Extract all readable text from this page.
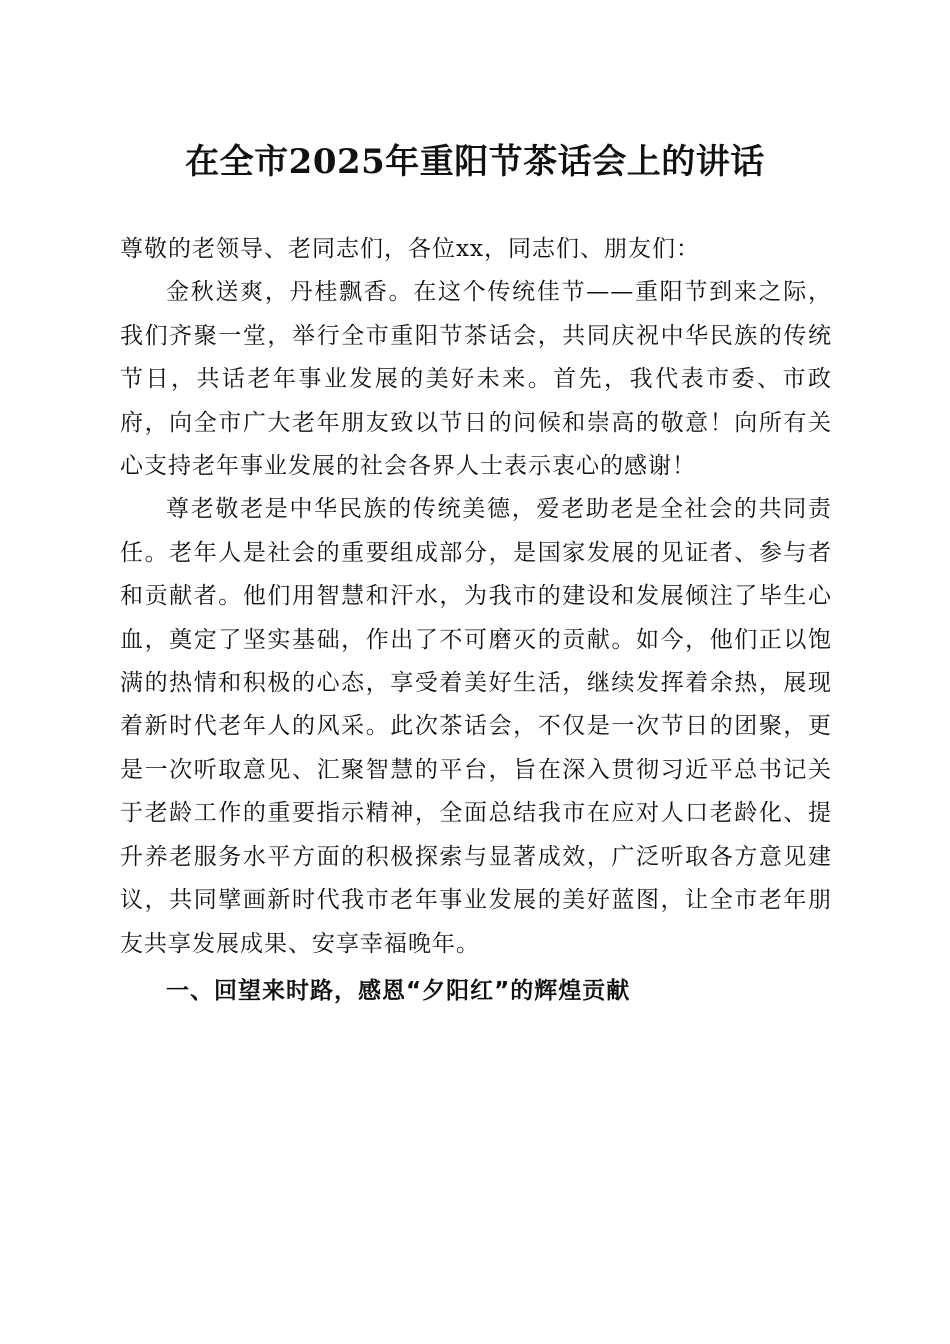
在全市2025年重阳节茶话会上的讲话

尊敬的老领导、老同志们，各位xx，同志们、朋友们：

金秋送爽，丹桂飘香。在这个传统佳节——重阳节到来之际，我们齐聚一堂，举行全市重阳节茶话会，共同庆祝中华民族的传统节日，共话老年事业发展的美好未来。首先，我代表市委、市政府，向全市广大老年朋友致以节日的问候和崇高的敬意！向所有关心支持老年事业发展的社会各界人士表示衷心的感谢！

尊老敬老是中华民族的传统美德，爱老助老是全社会的共同责任。老年人是社会的重要组成部分，是国家发展的见证者、参与者和贡献者。他们用智慧和汗水，为我市的建设和发展倾注了毕生心血，奠定了坚实基础，作出了不可磨灭的贡献。如今，他们正以饱满的热情和积极的心态，享受着美好生活，继续发挥着余热，展现着新时代老年人的风采。此次茶话会，不仅是一次节日的团聚，更是一次听取意见、汇聚智慧的平台，旨在深入贯彻习近平总书记关于老龄工作的重要指示精神，全面总结我市在应对人口老龄化、提升养老服务水平方面的积极探索与显著成效，广泛听取各方意见建议，共同擘画新时代我市老年事业发展的美好蓝图，让全市老年朋友共享发展成果、安享幸福晚年。

一、回望来时路，感恩“夕阳红”的辉煌贡献
